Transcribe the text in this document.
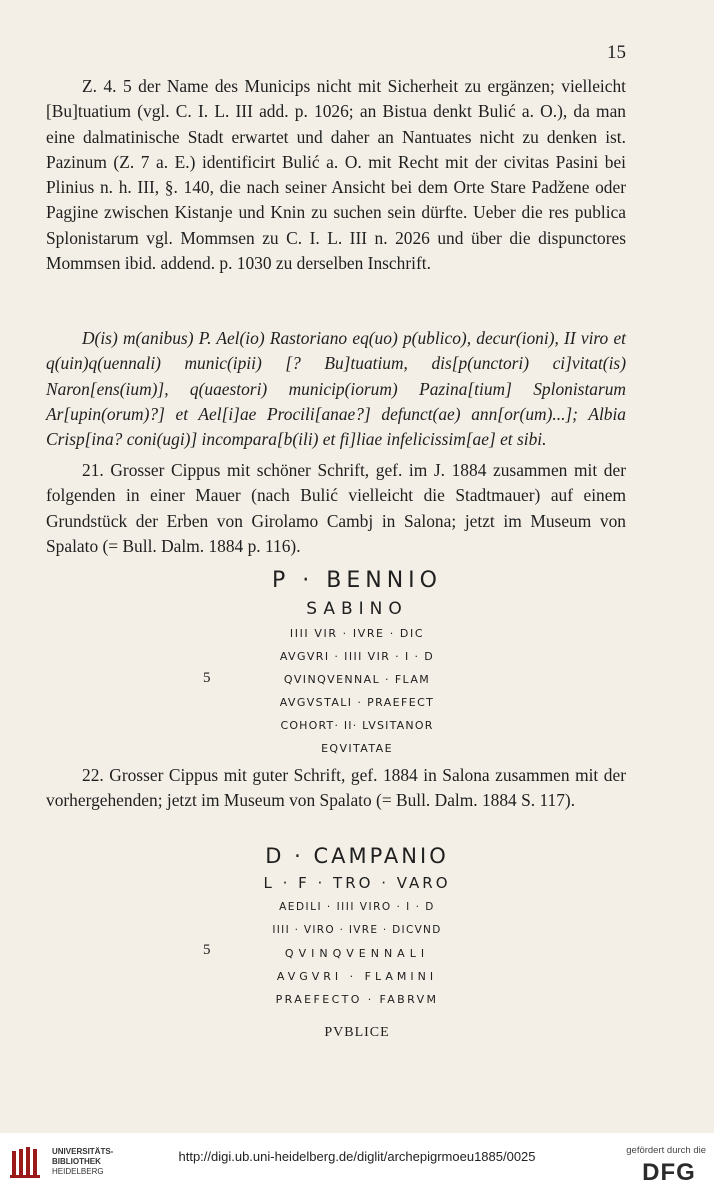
15

Z. 4. 5 der Name des Municips nicht mit Sicherheit zu ergänzen; vielleicht [Bu]tuatium (vgl. C. I. L. III add. p. 1026; an Bistua denkt Bulić a. O.), da man eine dalmatinische Stadt erwartet und daher an Nantuates nicht zu denken ist. Pazinum (Z. 7 a. E.) identificirt Bulić a. O. mit Recht mit der civitas Pasini bei Plinius n. h. III, §. 140, die nach seiner Ansicht bei dem Orte Stare Padžene oder Pagjine zwischen Kistanje und Knin zu suchen sein dürfte. Ueber die res publica Splonistarum vgl. Mommsen zu C. I. L. III n. 2026 und über die dispunctores Mommsen ibid. addend. p. 1030 zu derselben Inschrift.

D(is) m(anibus) P. Ael(io) Rastoriano eq(uo) p(ublico), decur(ioni), II viro et q(uin)q(uennali) munic(ipii) [? Bu]tuatium, dis[p(unctori) ci]vitat(is) Naron[ens(ium)], q(uaestori) municip(iorum) Pazina[tium] Splonistarum Ar[upin(orum)?] et Ael[i]ae Procili[anae?] defunct(ae) ann[or(um)...]; Albia Crisp[ina? coni(ugi)] incompara[b(ili) et fi]liae infelicissim[ae] et sibi.

21. Grosser Cippus mit schöner Schrift, gef. im J. 1884 zusammen mit der folgenden in einer Mauer (nach Bulić vielleicht die Stadtmauer) auf einem Grundstück der Erben von Girolamo Cambj in Salona; jetzt im Museum von Spalato (= Bull. Dalm. 1884 p. 116).

P · BENNIO
SABINO
IIII VIR · IVRE · DIC
AVGVRI · IIII VIR · I · D
QVINQVENNAL · FLAM
AVGVSTALI · PRAEFECT
COHORT· II· LVSITANOR
EQVITATAE
5

22. Grosser Cippus mit guter Schrift, gef. 1884 in Salona zusammen mit der vorhergehenden; jetzt im Museum von Spalato (= Bull. Dalm. 1884 S. 117).

D · CAMPANIO
L · F · TRO · VARO
AEDILI · IIII VIRO · I · D
IIII · VIRO · IVRE · DICVND
QVINQVENNALI
AVGVRI · FLAMINI
PRAEFECTO · FABRVM
PVBLICE
5
UNIVERSITÄTS-
BIBLIOTHEK
HEIDELBERG
http://digi.ub.uni-heidelberg.de/diglit/archepigrmoeu1885/0025	gefördert durch die
DFG
